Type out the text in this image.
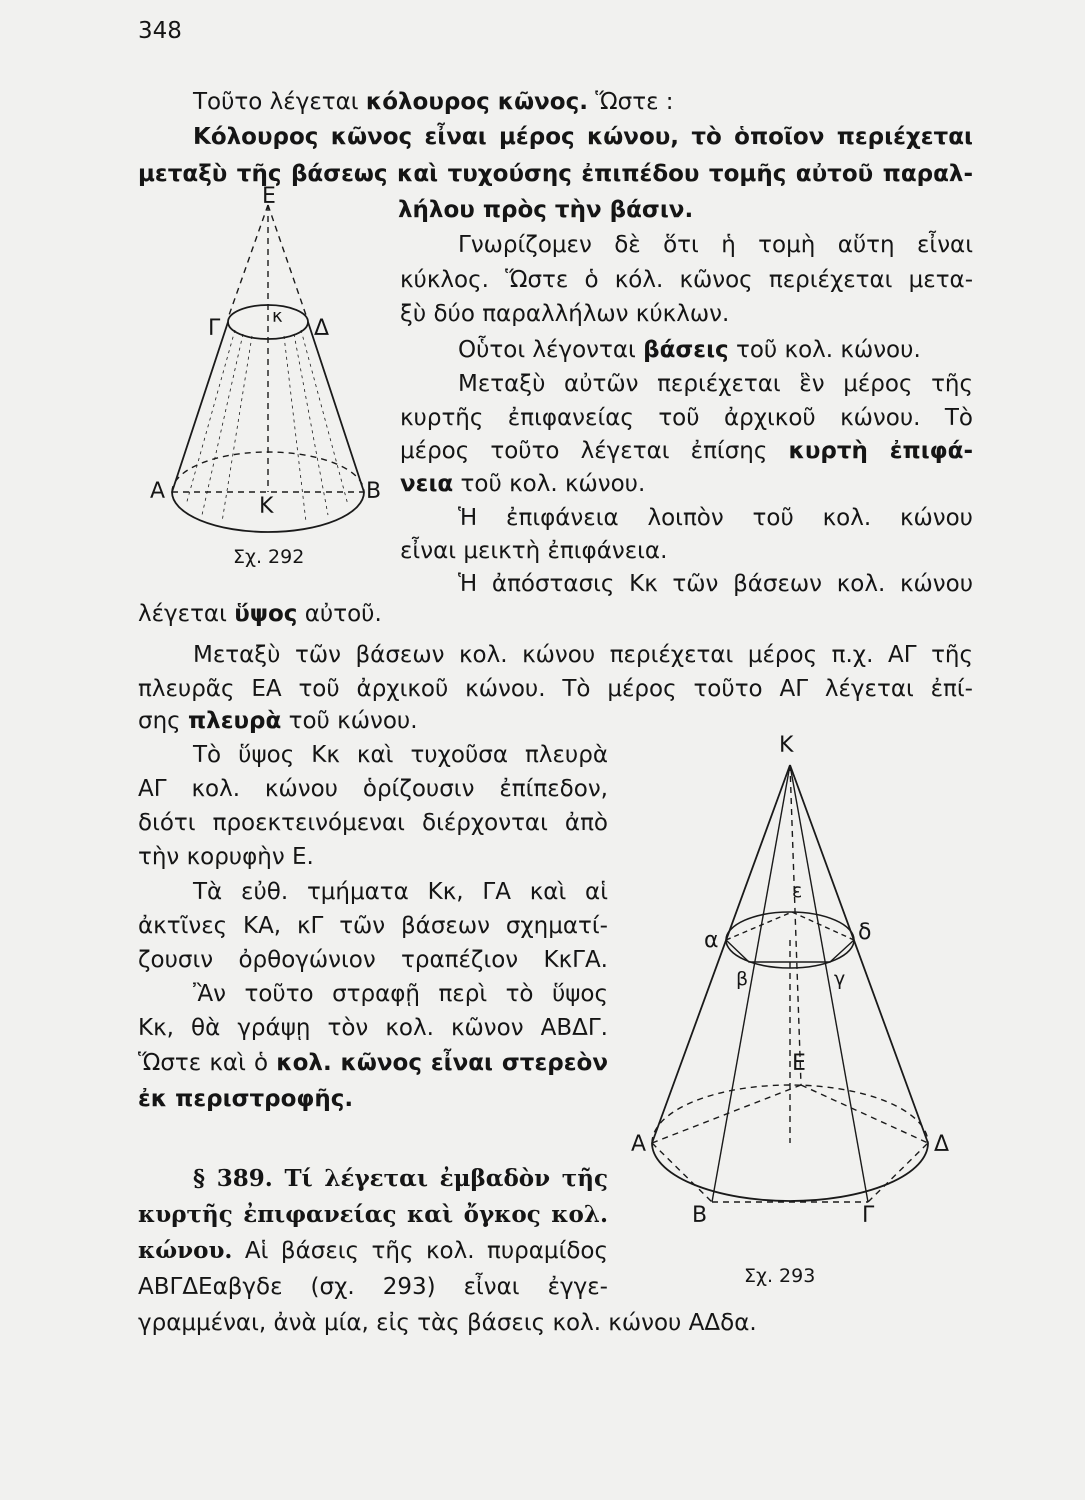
348
Τοῦτο λέγεται κόλουρος κῶνος. Ὥστε :
Κόλουρος κῶνος εἶναι μέρος κώνου, τὸ ὁποῖον περιέχεται
μεταξὺ τῆς βάσεως καὶ τυχούσης ἐπιπέδου τομῆς αὐτοῦ παραλ-
λήλου πρὸς τὴν βάσιν.
Γνωρίζομεν δὲ ὅτι ἡ τομὴ αὕτη εἶναι
κύκλος. Ὥστε ὁ κόλ. κῶνος περιέχεται μετα-
ξὺ δύο παραλλήλων κύκλων.
Οὗτοι λέγονται βάσεις τοῦ κολ. κώνου.
Μεταξὺ αὐτῶν περιέχεται ἓν μέρος τῆς
κυρτῆς ἐπιφανείας τοῦ ἀρχικοῦ κώνου. Τὸ
μέρος τοῦτο λέγεται ἐπίσης κυρτὴ ἐπιφά-
νεια τοῦ κολ. κώνου.
Ἡ ἐπιφάνεια λοιπὸν τοῦ κολ. κώνου
εἶναι μεικτὴ ἐπιφάνεια.
Ἡ ἀπόστασις Κκ τῶν βάσεων κολ. κώνου
λέγεται ὕψος αὐτοῦ.
Μεταξὺ τῶν βάσεων κολ. κώνου περιέχεται μέρος π.χ. ΑΓ τῆς
πλευρᾶς ΕΑ τοῦ ἀρχικοῦ κώνου. Τὸ μέρος τοῦτο ΑΓ λέγεται ἐπί-
σης πλευρὰ τοῦ κώνου.
Τὸ ὕψος Κκ καὶ τυχοῦσα πλευρὰ
ΑΓ κολ. κώνου ὁρίζουσιν ἐπίπεδον,
διότι προεκτεινόμεναι διέρχονται ἀπὸ
τὴν κορυφὴν Ε.
Τὰ εὐθ. τμήματα Κκ, ΓΑ καὶ αἱ
ἀκτῖνες ΚΑ, κΓ τῶν βάσεων σχηματί-
ζουσιν ὀρθογώνιον τραπέζιον ΚκΓΑ.
Ἂν τοῦτο στραφῇ περὶ τὸ ὕψος
Κκ, θὰ γράψῃ τὸν κολ. κῶνον ΑΒΔΓ.
Ὥστε καὶ ὁ κολ. κῶνος εἶναι στερεὸν
ἐκ περιστροφῆς.
§ 389. Τί λέγεται ἐμβαδὸν τῆς
κυρτῆς ἐπιφανείας καὶ ὄγκος κολ.
κώνου. Αἱ βάσεις τῆς κολ. πυραμίδος
ΑΒΓΔΕαβγδε (σχ. 293) εἶναι ἐγγε-
γραμμέναι, ἀνὰ μία, εἰς τὰς βάσεις κολ. κώνου ΑΔδα.
Ε
κ
Γ	Δ
Α	Β
Κ
Σχ. 292
Κ
ε
α	δ
β	γ
Ε
Α	Δ
Β	Γ
Σχ. 293
